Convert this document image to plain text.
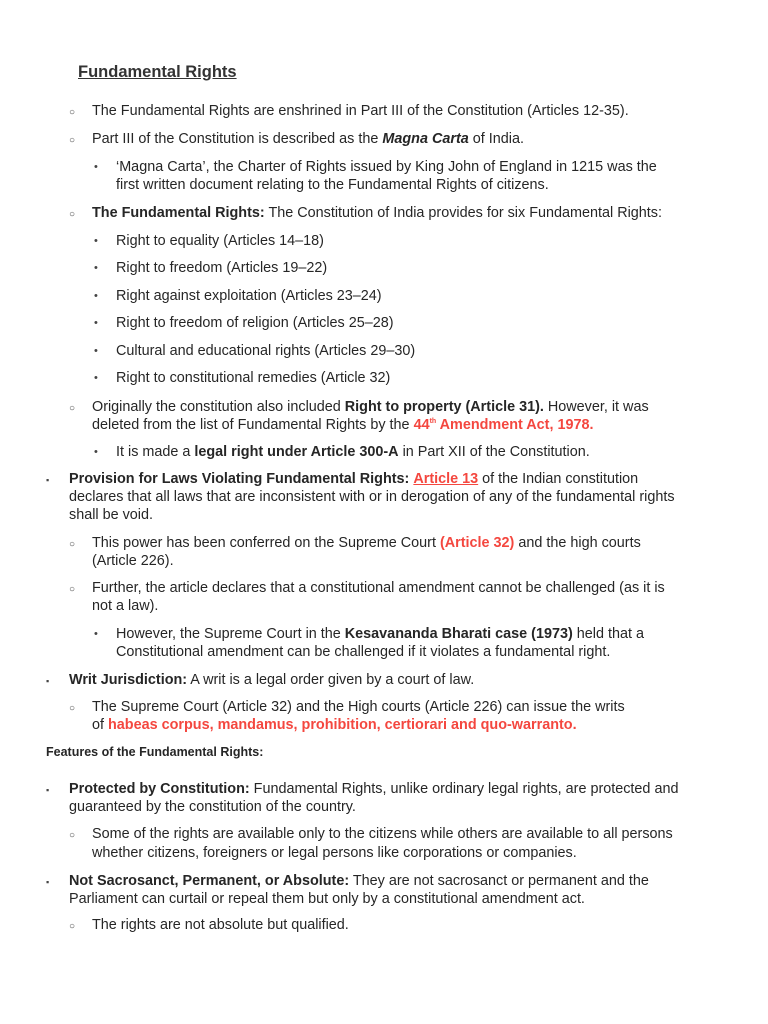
Fundamental Rights
○ The Fundamental Rights are enshrined in Part III of the Constitution (Articles 12-35).
○ Part III of the Constitution is described as the Magna Carta of India.
• ‘Magna Carta’, the Charter of Rights issued by King John of England in 1215 was the
first written document relating to the Fundamental Rights of citizens.
○ The Fundamental Rights: The Constitution of India provides for six Fundamental Rights:
• Right to equality (Articles 14–18)
• Right to freedom (Articles 19–22)
• Right against exploitation (Articles 23–24)
• Right to freedom of religion (Articles 25–28)
• Cultural and educational rights (Articles 29–30)
• Right to constitutional remedies (Article 32)
○ Originally the constitution also included Right to property (Article 31). However, it was
deleted from the list of Fundamental Rights by the 44th Amendment Act, 1978.
• It is made a legal right under Article 300-A in Part XII of the Constitution.
▪ Provision for Laws Violating Fundamental Rights: Article 13 of the Indian constitution
declares that all laws that are inconsistent with or in derogation of any of the fundamental rights
shall be void.
○ This power has been conferred on the Supreme Court (Article 32) and the high courts
(Article 226).
○ Further, the article declares that a constitutional amendment cannot be challenged (as it is
not a law).
• However, the Supreme Court in the Kesavananda Bharati case (1973) held that a
Constitutional amendment can be challenged if it violates a fundamental right.
▪ Writ Jurisdiction: A writ is a legal order given by a court of law.
○ The Supreme Court (Article 32) and the High courts (Article 226) can issue the writs
of habeas corpus, mandamus, prohibition, certiorari and quo-warranto.
Features of the Fundamental Rights:
▪ Protected by Constitution: Fundamental Rights, unlike ordinary legal rights, are protected and
guaranteed by the constitution of the country.
○ Some of the rights are available only to the citizens while others are available to all persons
whether citizens, foreigners or legal persons like corporations or companies.
▪ Not Sacrosanct, Permanent, or Absolute: They are not sacrosanct or permanent and the
Parliament can curtail or repeal them but only by a constitutional amendment act.
○ The rights are not absolute but qualified.
